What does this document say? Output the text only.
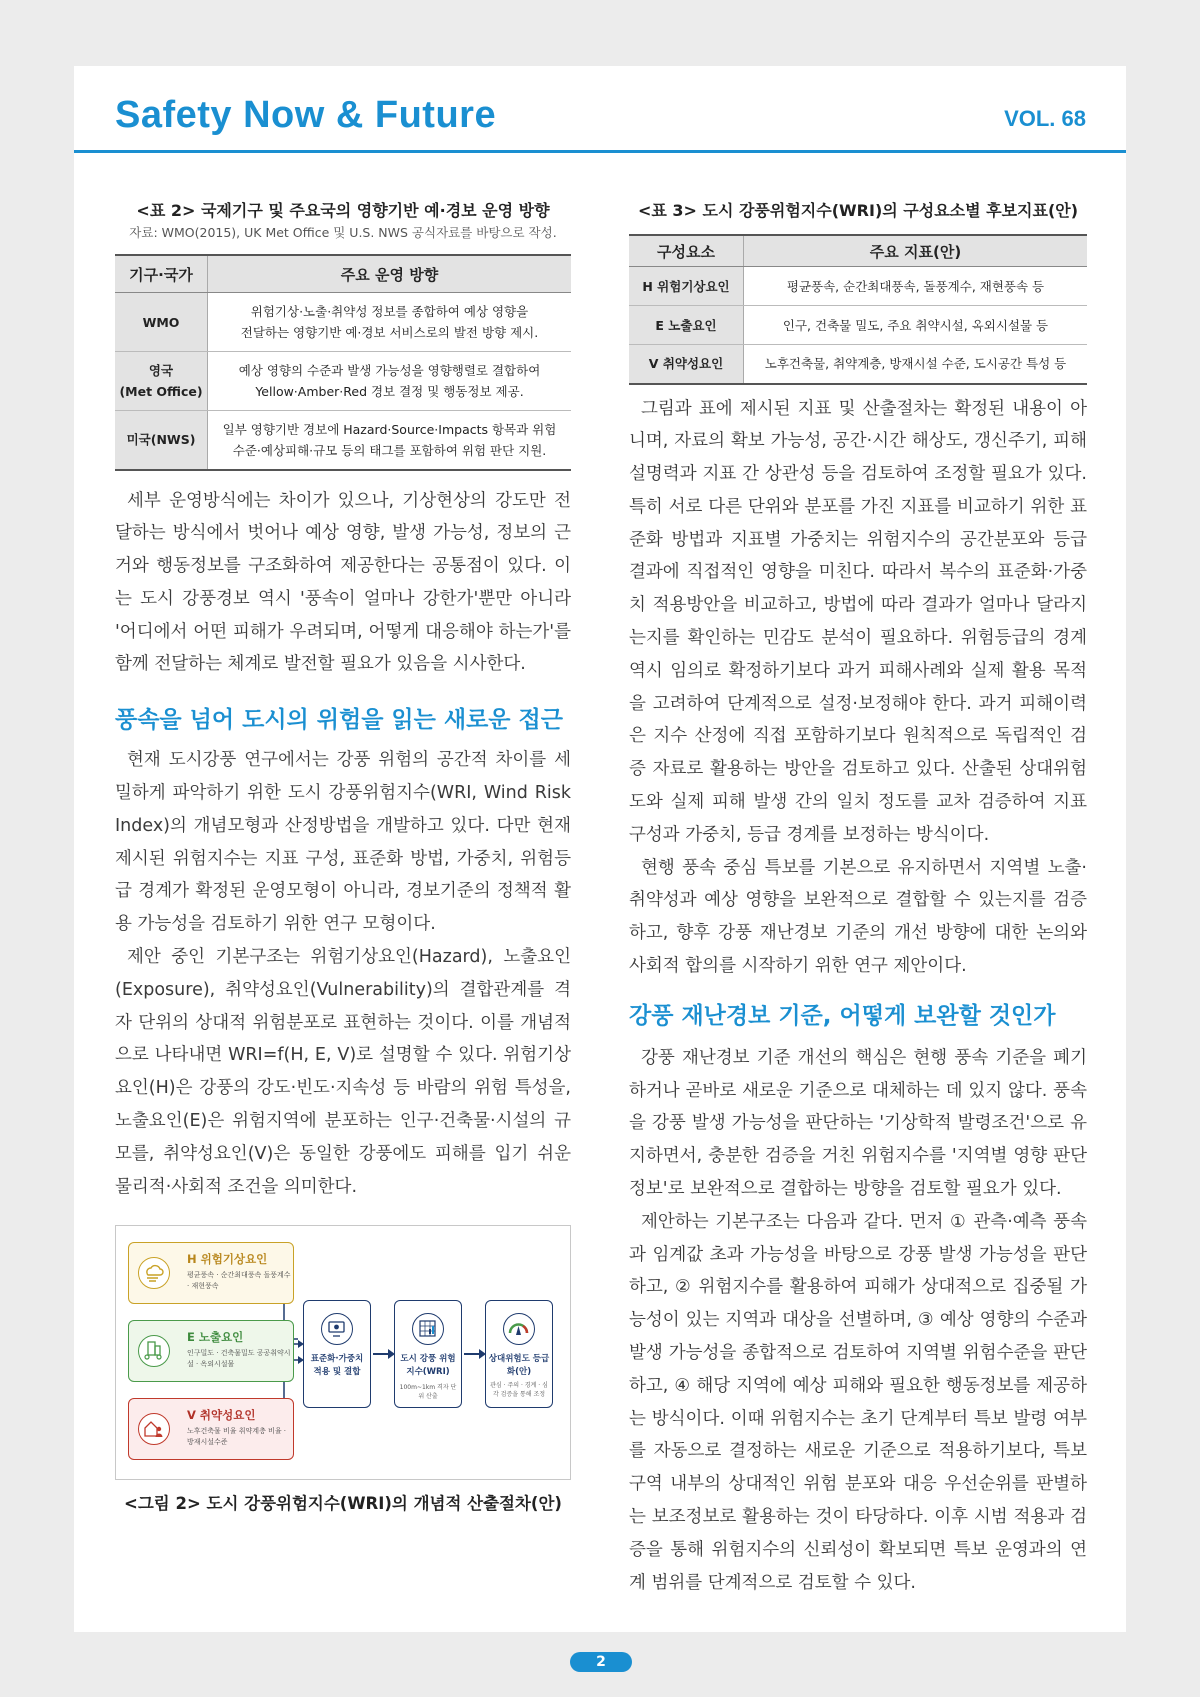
Safety Now & Future	VOL. 68
<표 2> 국제기구 및 주요국의 영향기반 예·경보 운영 방향
자료: WMO(2015), UK Met Office 및 U.S. NWS 공식자료를 바탕으로 작성.
기구·국가	주요 운영 방향
WMO	위험기상·노출·취약성 정보를 종합하여 예상 영향을
전달하는 영향기반 예·경보 서비스로의 발전 방향 제시.
영국
(Met Office)	예상 영향의 수준과 발생 가능성을 영향행렬로 결합하여
Yellow·Amber·Red 경보 결정 및 행동정보 제공.
미국(NWS)	일부 영향기반 경보에 Hazard·Source·Impacts 항목과 위험
수준·예상피해·규모 등의 태그를 포함하여 위험 판단 지원.

세부 운영방식에는 차이가 있으나, 기상현상의 강도만 전달하는 방식에서 벗어나 예상 영향, 발생 가능성, 정보의 근거와 행동정보를 구조화하여 제공한다는 공통점이 있다. 이는 도시 강풍경보 역시 '풍속이 얼마나 강한가'뿐만 아니라 '어디에서 어떤 피해가 우려되며, 어떻게 대응해야 하는가'를 함께 전달하는 체계로 발전할 필요가 있음을 시사한다.

풍속을 넘어 도시의 위험을 읽는 새로운 접근

현재 도시강풍 연구에서는 강풍 위험의 공간적 차이를 세밀하게 파악하기 위한 도시 강풍위험지수(WRI, Wind Risk Index)의 개념모형과 산정방법을 개발하고 있다. 다만 현재 제시된 위험지수는 지표 구성, 표준화 방법, 가중치, 위험등급 경계가 확정된 운영모형이 아니라, 경보기준의 정책적 활용 가능성을 검토하기 위한 연구 모형이다.

제안 중인 기본구조는 위험기상요인(Hazard), 노출요인(Exposure), 취약성요인(Vulnerability)의 결합관계를 격자 단위의 상대적 위험분포로 표현하는 것이다. 이를 개념적으로 나타내면 WRI=f(H, E, V)로 설명할 수 있다. 위험기상요인(H)은 강풍의 강도·빈도·지속성 등 바람의 위험 특성을, 노출요인(E)은 위험지역에 분포하는 인구·건축물·시설의 규모를, 취약성요인(V)은 동일한 강풍에도 피해를 입기 쉬운 물리적·사회적 조건을 의미한다.

H 위험기상요인
평균풍속 · 순간최대풍속 돌풍계수 · 재현풍속
E 노출요인
인구밀도 · 건축물밀도 공공취약시설 · 옥외시설물
V 취약성요인
노후건축물 비율 취약계층 비율 · 방재시설수준
표준화·가중치 적용 및 결합
도시 강풍 위험지수(WRI)
100m~1km 격자 단위 산출
상대위험도 등급화(안)
관심 · 주의 · 경계 · 심각 검증을 통해 조정
<그림 2> 도시 강풍위험지수(WRI)의 개념적 산출절차(안)
<표 3> 도시 강풍위험지수(WRI)의 구성요소별 후보지표(안)
구성요소	주요 지표(안)
H 위험기상요인	평균풍속, 순간최대풍속, 돌풍계수, 재현풍속 등
E 노출요인	인구, 건축물 밀도, 주요 취약시설, 옥외시설물 등
V 취약성요인	노후건축물, 취약계층, 방재시설 수준, 도시공간 특성 등

그림과 표에 제시된 지표 및 산출절차는 확정된 내용이 아니며, 자료의 확보 가능성, 공간·시간 해상도, 갱신주기, 피해 설명력과 지표 간 상관성 등을 검토하여 조정할 필요가 있다. 특히 서로 다른 단위와 분포를 가진 지표를 비교하기 위한 표준화 방법과 지표별 가중치는 위험지수의 공간분포와 등급 결과에 직접적인 영향을 미친다. 따라서 복수의 표준화·가중치 적용방안을 비교하고, 방법에 따라 결과가 얼마나 달라지는지를 확인하는 민감도 분석이 필요하다. 위험등급의 경계 역시 임의로 확정하기보다 과거 피해사례와 실제 활용 목적을 고려하여 단계적으로 설정·보정해야 한다. 과거 피해이력은 지수 산정에 직접 포함하기보다 원칙적으로 독립적인 검증 자료로 활용하는 방안을 검토하고 있다. 산출된 상대위험도와 실제 피해 발생 간의 일치 정도를 교차 검증하여 지표 구성과 가중치, 등급 경계를 보정하는 방식이다.

현행 풍속 중심 특보를 기본으로 유지하면서 지역별 노출·취약성과 예상 영향을 보완적으로 결합할 수 있는지를 검증하고, 향후 강풍 재난경보 기준의 개선 방향에 대한 논의와 사회적 합의를 시작하기 위한 연구 제안이다.

강풍 재난경보 기준, 어떻게 보완할 것인가

강풍 재난경보 기준 개선의 핵심은 현행 풍속 기준을 폐기하거나 곧바로 새로운 기준으로 대체하는 데 있지 않다. 풍속을 강풍 발생 가능성을 판단하는 '기상학적 발령조건'으로 유지하면서, 충분한 검증을 거친 위험지수를 '지역별 영향 판단정보'로 보완적으로 결합하는 방향을 검토할 필요가 있다.

제안하는 기본구조는 다음과 같다. 먼저 ① 관측·예측 풍속과 임계값 초과 가능성을 바탕으로 강풍 발생 가능성을 판단하고, ② 위험지수를 활용하여 피해가 상대적으로 집중될 가능성이 있는 지역과 대상을 선별하며, ③ 예상 영향의 수준과 발생 가능성을 종합적으로 검토하여 지역별 위험수준을 판단하고, ④ 해당 지역에 예상 피해와 필요한 행동정보를 제공하는 방식이다. 이때 위험지수는 초기 단계부터 특보 발령 여부를 자동으로 결정하는 새로운 기준으로 적용하기보다, 특보구역 내부의 상대적인 위험 분포와 대응 우선순위를 판별하는 보조정보로 활용하는 것이 타당하다. 이후 시범 적용과 검증을 통해 위험지수의 신뢰성이 확보되면 특보 운영과의 연계 범위를 단계적으로 검토할 수 있다.

2
